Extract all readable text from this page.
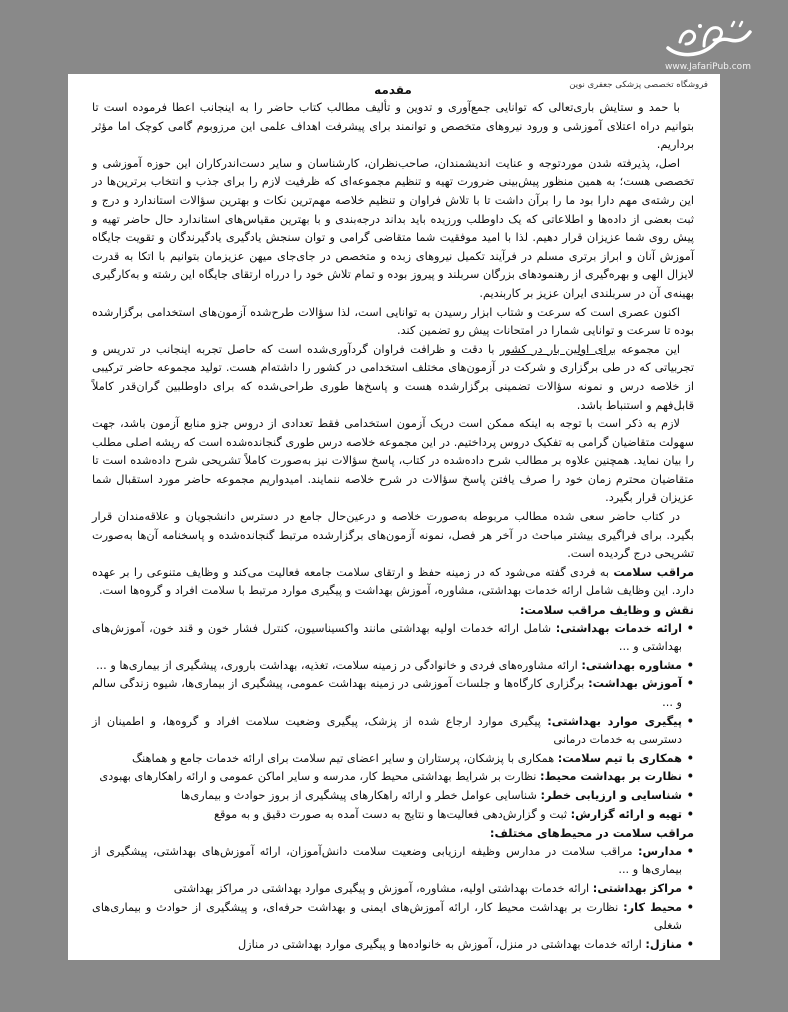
www.JafariPub.com
فروشگاه تخصصی پزشکی جعفری نوین
مقدمه

با حمد و ستایش باری‌تعالی که توانایی جمع‌آوری و تدوین و تألیف مطالب کتاب حاضر را به اینجانب اعطا فرموده است تا بتوانیم دراه اعتلای آموزشی و ورود نیروهای متخصص و توانمند برای پیشرفت اهداف علمی این مرزوبوم گامی کوچک اما مؤثر برداریم.

اصل، پذیرفته شدن موردتوجه و عنایت اندیشمندان، صاحب‌نظران، کارشناسان و سایر دست‌اندرکاران این حوزه آموزشی و تخصصی هست؛ به همین منظور پیش‌بینی ضرورت تهیه و تنظیم مجموعه‌ای که ظرفیت لازم را برای جذب و انتخاب برترین‌ها در این رشته‌ی مهم دارا بود ما را برآن داشت تا با تلاش فراوان و تنظیم خلاصه مهم‌ترین نکات و بهترین سؤالات استاندارد و درج و ثبت بعضی از داده‌ها و اطلاعاتی که یک داوطلب ورزیده باید بداند درجه‌بندی و با بهترین مقیاس‌های استاندارد حال حاضر تهیه و پیش روی شما عزیزان قرار دهیم. لذا با امید موفقیت شما متقاضی گرامی و توان سنجش یادگیری یادگیرندگان و تقویت جایگاه آموزش آنان و ابراز برتری مسلم در فرآیند تکمیل نیروهای زبده و متخصص در جای‌جای میهن عزیزمان بتوانیم با اتکا به قدرت لایزال الهی و بهره‌گیری از رهنمودهای بزرگان سربلند و پیروز بوده و تمام تلاش خود را درراه ارتقای جایگاه این رشته و به‌کارگیری بهینه‌ی آن در سربلندی ایران عزیز بر کاربندیم.

اکنون عصری است که سرعت و شتاب ابزار رسیدن به توانایی است، لذا سؤالات طرح‌شده آزمون‌های استخدامی برگزارشده بوده تا سرعت و توانایی شمارا در امتحانات پیش رو تضمین کند.

این مجموعه برای اولین بار در کشور با دقت و ظرافت فراوان گردآوری‌شده است که حاصل تجربه اینجانب در تدریس و تجربیاتی که در طی برگزاری و شرکت در آزمون‌های مختلف استخدامی در کشور را داشته‌ام هست. تولید مجموعه حاضر ترکیبی از خلاصه درس و نمونه سؤالات تضمینی برگزارشده هست و پاسخ‌ها طوری طراحی‌شده که برای داوطلبین گران‌قدر کاملاً قابل‌فهم و استنباط باشد.

لازم به ذکر است با توجه به اینکه ممکن است دریک آزمون استخدامی فقط تعدادی از دروس جزو منابع آزمون باشد، جهت سهولت متقاضیان گرامی به تفکیک دروس پرداختیم. در این مجموعه خلاصه درس طوری گنجانده‌شده است که ریشه اصلی مطلب را بیان نماید. همچنین علاوه بر مطالب شرح داده‌شده در کتاب، پاسخ سؤالات نیز به‌صورت کاملاً تشریحی شرح داده‌شده است تا متقاضیان محترم زمان خود را صرف یافتن پاسخ سؤالات در شرح خلاصه ننمایند. امیدواریم مجموعه حاضر مورد استقبال شما عزیزان قرار بگیرد.

در کتاب حاضر سعی شده مطالب مربوطه به‌صورت خلاصه و درعین‌حال جامع در دسترس دانشجویان و علاقه‌مندان قرار بگیرد. برای فراگیری بیشتر مباحث در آخر هر فصل، نمونه آزمون‌های برگزارشده مرتبط گنجانده‌شده و پاسخنامه آن‌ها به‌صورت تشریحی درج گردیده است.

مراقب سلامت به فردی گفته می‌شود که در زمینه حفظ و ارتقای سلامت جامعه فعالیت می‌کند و وظایف متنوعی را بر عهده دارد. این وظایف شامل ارائه خدمات بهداشتی، مشاوره، آموزش بهداشت و پیگیری موارد مرتبط با سلامت افراد و گروه‌ها است.

نقش و وظایف مراقب سلامت:
• ارائه خدمات بهداشتی: شامل ارائه خدمات اولیه بهداشتی مانند واکسیناسیون، کنترل فشار خون و قند خون، آموزش‌های بهداشتی و ...
• مشاوره بهداشتی: ارائه مشاوره‌های فردی و خانوادگی در زمینه سلامت، تغذیه، بهداشت باروری، پیشگیری از بیماری‌ها و ...
• آموزش بهداشت: برگزاری کارگاه‌ها و جلسات آموزشی در زمینه بهداشت عمومی، پیشگیری از بیماری‌ها، شیوه زندگی سالم و ...
• پیگیری موارد بهداشتی: پیگیری موارد ارجاع شده از پزشک، پیگیری وضعیت سلامت افراد و گروه‌ها، و اطمینان از دسترسی به خدمات درمانی
• همکاری با تیم سلامت: همکاری با پزشکان، پرستاران و سایر اعضای تیم سلامت برای ارائه خدمات جامع و هماهنگ
• نظارت بر بهداشت محیط: نظارت بر شرایط بهداشتی محیط کار، مدرسه و سایر اماکن عمومی و ارائه راهکارهای بهبودی
• شناسایی و ارزیابی خطر: شناسایی عوامل خطر و ارائه راهکارهای پیشگیری از بروز حوادث و بیماری‌ها
• تهیه و ارائه گزارش: ثبت و گزارش‌دهی فعالیت‌ها و نتایج به دست آمده به صورت دقیق و به موقع
مراقب سلامت در محیط‌های مختلف:
• مدارس: مراقب سلامت در مدارس وظیفه ارزیابی وضعیت سلامت دانش‌آموزان، ارائه آموزش‌های بهداشتی، پیشگیری از بیماری‌ها و ...
• مراکز بهداشتی: ارائه خدمات بهداشتی اولیه، مشاوره، آموزش و پیگیری موارد بهداشتی در مراکز بهداشتی
• محیط کار: نظارت بر بهداشت محیط کار، ارائه آموزش‌های ایمنی و بهداشت حرفه‌ای، و پیشگیری از حوادث و بیماری‌های شغلی
• منازل: ارائه خدمات بهداشتی در منزل، آموزش به خانواده‌ها و پیگیری موارد بهداشتی در منازل
